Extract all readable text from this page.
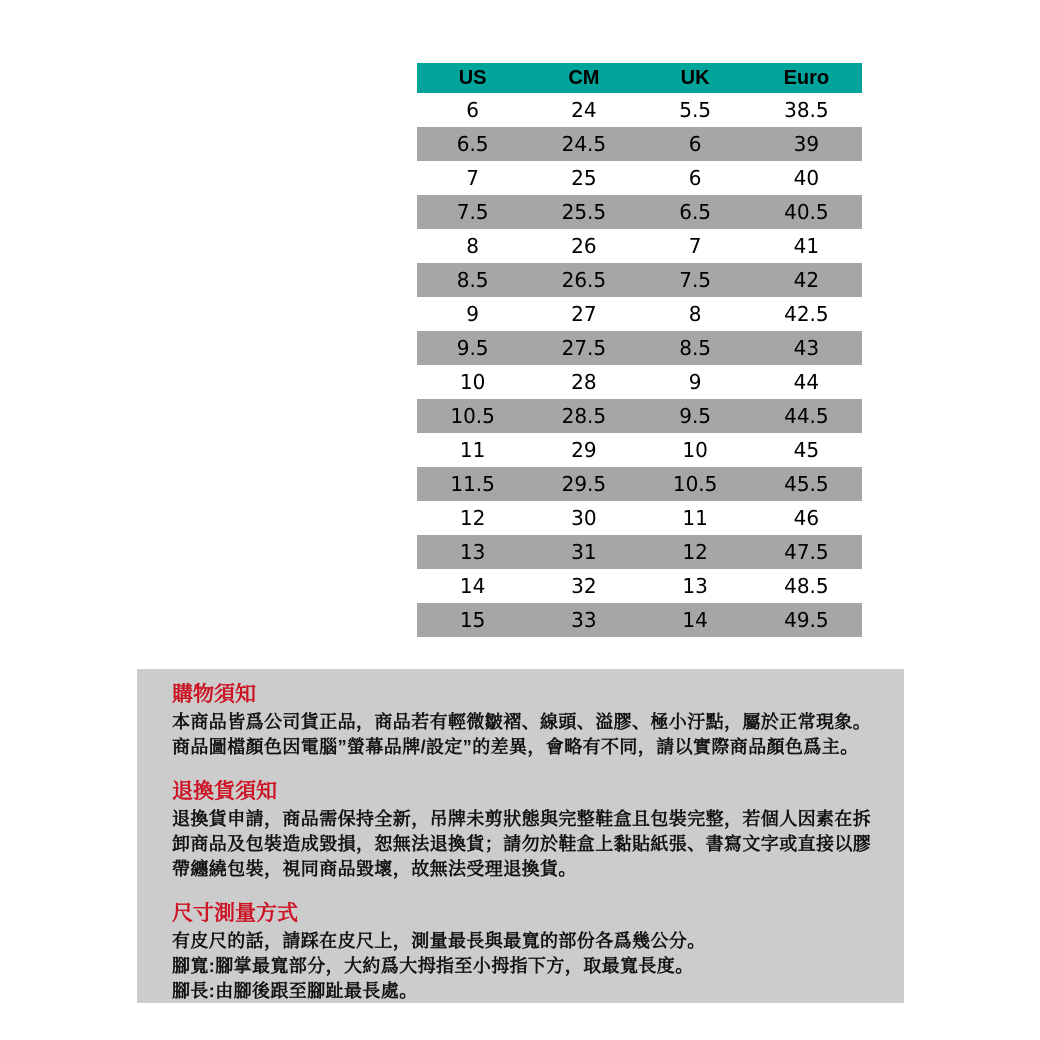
US	CM	UK	Euro
6	24	5.5	38.5
6.5	24.5	6	39
7	25	6	40
7.5	25.5	6.5	40.5
8	26	7	41
8.5	26.5	7.5	42
9	27	8	42.5
9.5	27.5	8.5	43
10	28	9	44
10.5	28.5	9.5	44.5
11	29	10	45
11.5	29.5	10.5	45.5
12	30	11	46
13	31	12	47.5
14	32	13	48.5
15	33	14	49.5
購物須知
本商品皆爲公司貨正品，商品若有輕微皺褶、線頭、溢膠、極小汙點，屬於正常現象。
商品圖檔顏色因電腦”螢幕品牌/設定”的差異，會略有不同，請以實際商品顏色爲主。
退換貨須知
退換貨申請，商品需保持全新，吊牌未剪狀態與完整鞋盒且包裝完整，若個人因素在拆
卸商品及包裝造成毀損，恕無法退換貨；請勿於鞋盒上黏貼紙張、書寫文字或直接以膠
帶纏繞包裝，視同商品毀壞，故無法受理退換貨。
尺寸測量方式
有皮尺的話，請踩在皮尺上，測量最長與最寬的部份各爲幾公分。
腳寬:腳掌最寬部分，大約爲大拇指至小拇指下方，取最寬長度。
腳長:由腳後跟至腳趾最長處。
